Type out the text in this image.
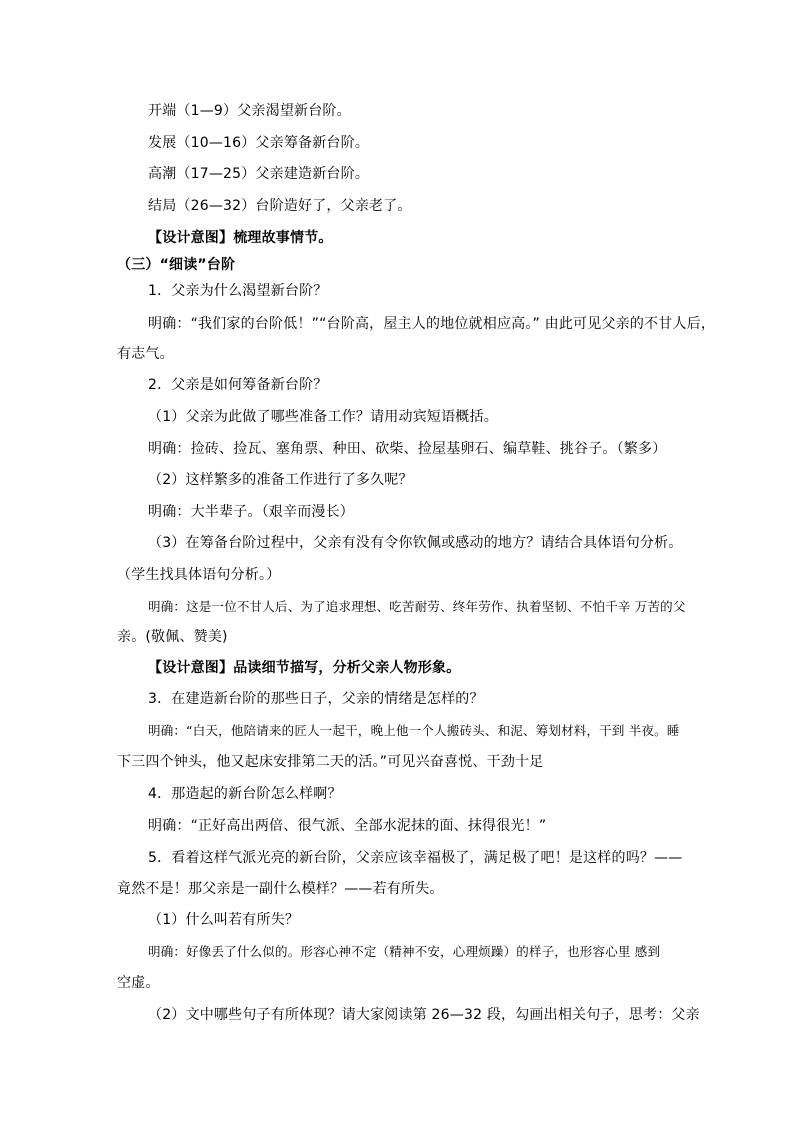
开端（1—9）父亲渴望新台阶。
发展（10—16）父亲筹备新台阶。
高潮（17—25）父亲建造新台阶。
结局（26—32）台阶造好了，父亲老了。
【设计意图】梳理故事情节。
（三）“细读”台阶
1．父亲为什么渴望新台阶？
明确：“我们家的台阶低！”“台阶高，屋主人的地位就相应高。” 由此可见父亲的不甘人后，
有志气。
2．父亲是如何筹备新台阶？
（1）父亲为此做了哪些准备工作？请用动宾短语概括。
明确：捡砖、捡瓦、塞角票、种田、砍柴、捡屋基卵石、编草鞋、挑谷子。（繁多）
（2）这样繁多的准备工作进行了多久呢？
明确：大半辈子。（艰辛而漫长）
（3）在筹备台阶过程中，父亲有没有令你钦佩或感动的地方？请结合具体语句分析。
（学生找具体语句分析。）
明确：这是一位不甘人后、为了追求理想、吃苦耐劳、终年劳作、执着坚韧、不怕千辛 万苦的父
亲。(敬佩、赞美)
【设计意图】品读细节描写，分析父亲人物形象。
3．在建造新台阶的那些日子，父亲的情绪是怎样的？
明确：“白天，他陪请来的匠人一起干，晚上他一个人搬砖头、和泥、筹划材料，干到 半夜。睡
下三四个钟头，他又起床安排第二天的活。”可见兴奋喜悦、干劲十足
4．那造起的新台阶怎么样啊？
明确：“正好高出两倍、很气派、全部水泥抹的面、抹得很光！”
5．看着这样气派光亮的新台阶，父亲应该幸福极了，满足极了吧！是这样的吗？——
竟然不是！那父亲是一副什么模样？——若有所失。
（1）什么叫若有所失？
明确：好像丢了什么似的。形容心神不定（精神不安，心理烦躁）的样子，也形容心里 感到
空虚。
（2）文中哪些句子有所体现？请大家阅读第 26—32 段，勾画出相关句子，思考：父亲
